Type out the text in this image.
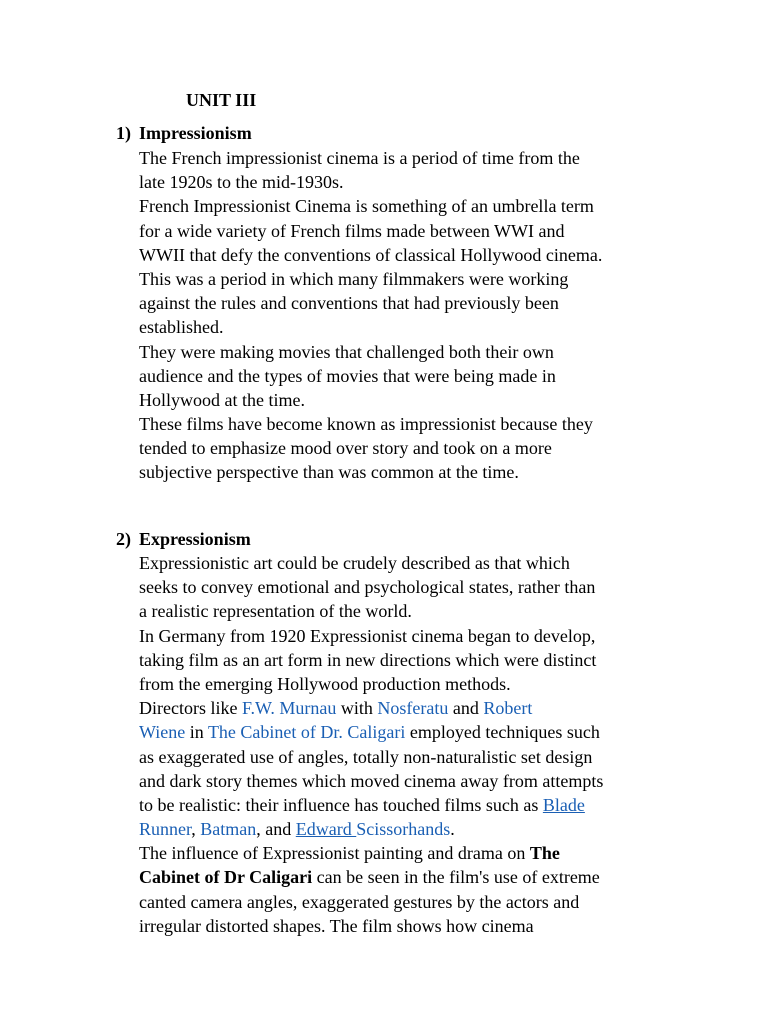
UNIT III
1) Impressionism
The French impressionist cinema is a period of time from the
late 1920s to the mid-1930s.
French Impressionist Cinema is something of an umbrella term
for a wide variety of French films made between WWI and
WWII that defy the conventions of classical Hollywood cinema.
This was a period in which many filmmakers were working
against the rules and conventions that had previously been
established.
They were making movies that challenged both their own
audience and the types of movies that were being made in
Hollywood at the time.
These films have become known as impressionist because they
tended to emphasize mood over story and took on a more
subjective perspective than was common at the time.
2) Expressionism
Expressionistic art could be crudely described as that which
seeks to convey emotional and psychological states, rather than
a realistic representation of the world.
In Germany from 1920 Expressionist cinema began to develop,
taking film as an art form in new directions which were distinct
from the emerging Hollywood production methods.
Directors like F.W. Murnau with Nosferatu and Robert
Wiene in The Cabinet of Dr. Caligari employed techniques such
as exaggerated use of angles, totally non-naturalistic set design
and dark story themes which moved cinema away from attempts
to be realistic: their influence has touched films such as Blade
Runner, Batman, and Edward Scissorhands.
The influence of Expressionist painting and drama on The
Cabinet of Dr Caligari can be seen in the film's use of extreme
canted camera angles, exaggerated gestures by the actors and
irregular distorted shapes. The film shows how cinema
